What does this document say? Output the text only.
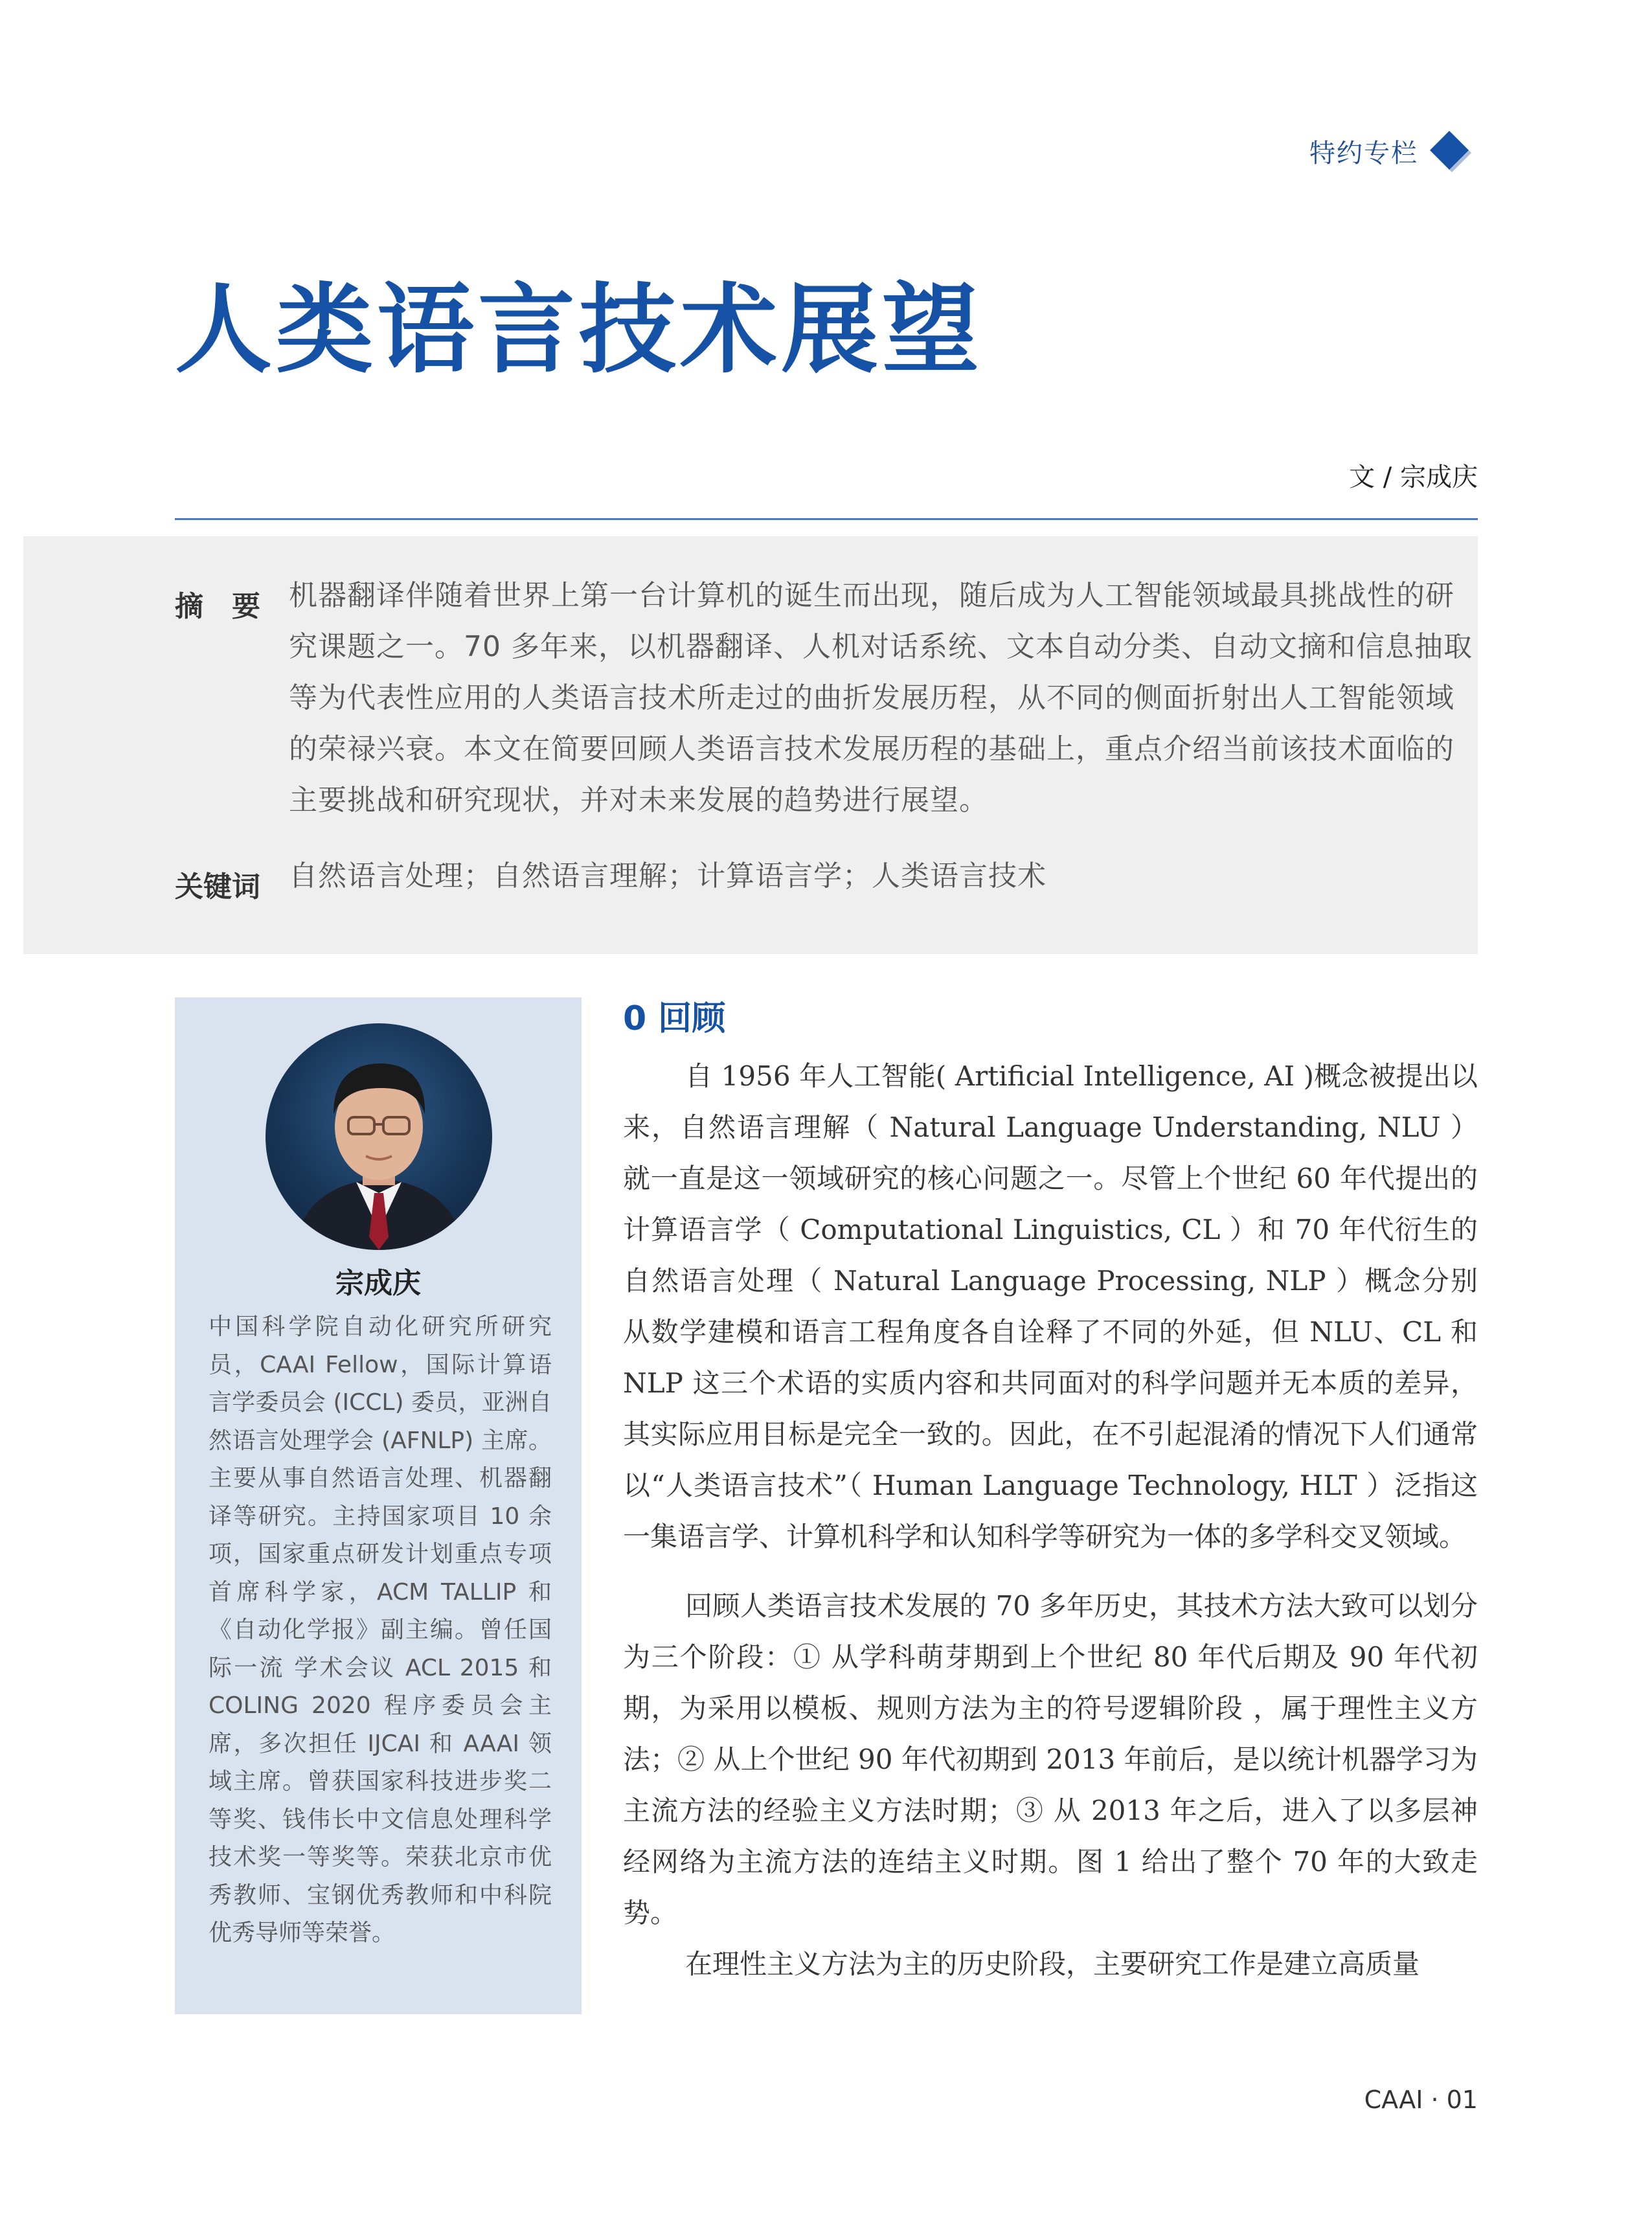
特约专栏
人类语言技术展望
文 / 宗成庆
摘　要 机器翻译伴随着世界上第一台计算机的诞生而出现，随后成为人工智能领域最具挑战性的研究课题之一。70 多年来，以机器翻译、人机对话系统、文本自动分类、自动文摘和信息抽取等为代表性应用的人类语言技术所走过的曲折发展历程，从不同的侧面折射出人工智能领域的荣禄兴衰。本文在简要回顾人类语言技术发展历程的基础上，重点介绍当前该技术面临的主要挑战和研究现状，并对未来发展的趋势进行展望。
关键词 自然语言处理；自然语言理解；计算语言学；人类语言技术
宗成庆
中国科学院自动化研究所研究员，CAAI Fellow，国际计算语言学委员会 (ICCL) 委员，亚洲自然语言处理学会 (AFNLP) 主席。主要从事自然语言处理、机器翻译等研究。主持国家项目 10 余项，国家重点研发计划重点专项首席科学家，ACM TALLIP 和《自动化学报》副主编。曾任国际一流 学术会议 ACL 2015 和 COLING 2020 程序委员会主席，多次担任 IJCAI 和 AAAI 领域主席。曾获国家科技进步奖二等奖、钱伟长中文信息处理科学技术奖一等奖等。荣获北京市优秀教师、宝钢优秀教师和中科院优秀导师等荣誉。
0 回顾
自 1956 年人工智能( Artificial Intelligence, AI )概念被提出以来，自然语言理解（ Natural Language Understanding, NLU ）就一直是这一领域研究的核心问题之一。尽管上个世纪 60 年代提出的计算语言学（ Computational Linguistics, CL ）和 70 年代衍生的自然语言处理（ Natural Language Processing, NLP ）概念分别从数学建模和语言工程角度各自诠释了不同的外延，但 NLU、CL 和 NLP 这三个术语的实质内容和共同面对的科学问题并无本质的差异，其实际应用目标是完全一致的。因此，在不引起混淆的情况下人们通常以“人类语言技术”（ Human Language Technology, HLT ）泛指这一集语言学、计算机科学和认知科学等研究为一体的多学科交叉领域。
回顾人类语言技术发展的 70 多年历史，其技术方法大致可以划分为三个阶段：① 从学科萌芽期到上个世纪 80 年代后期及 90 年代初期，为采用以模板、规则方法为主的符号逻辑阶段 ，属于理性主义方法；② 从上个世纪 90 年代初期到 2013 年前后，是以统计机器学习为主流方法的经验主义方法时期；③ 从 2013 年之后，进入了以多层神经网络为主流方法的连结主义时期。图 1 给出了整个 70 年的大致走势。
在理性主义方法为主的历史阶段，主要研究工作是建立高质量
CAAI · 01
